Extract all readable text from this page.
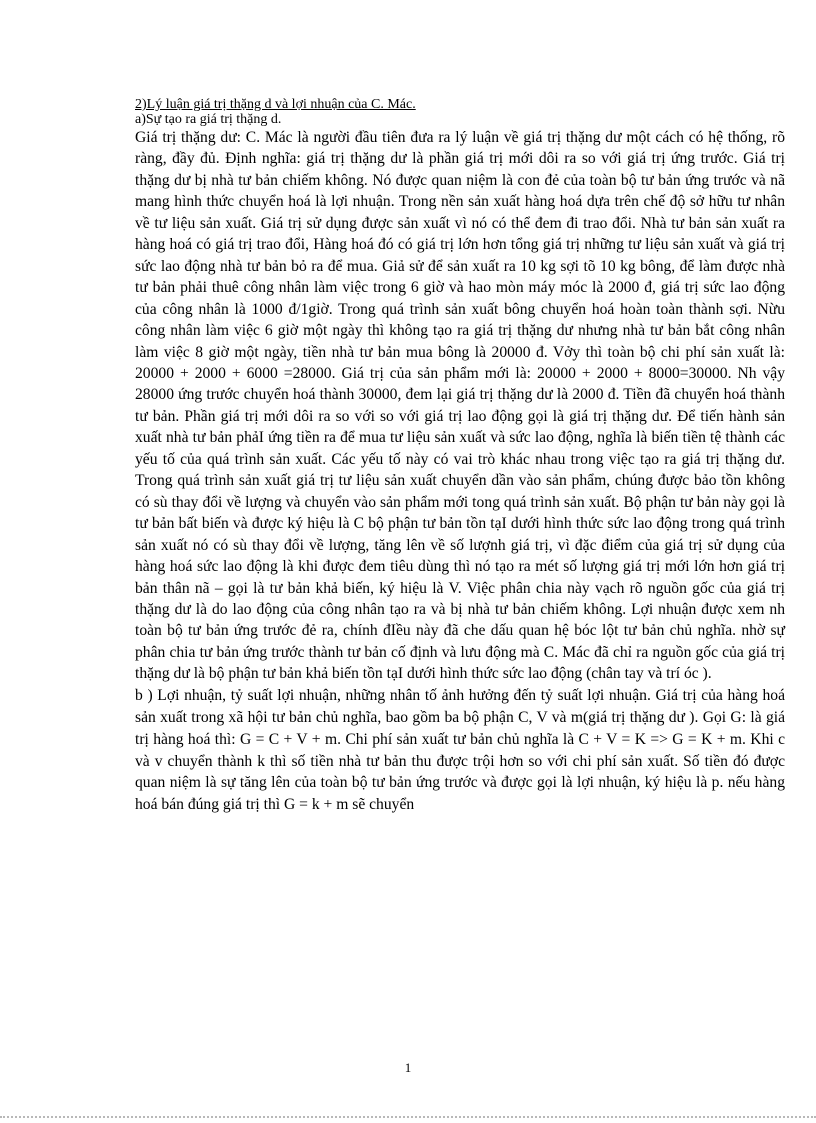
2)Lý luận giá trị thặng d và lợi nhuận của C. Mác.
a)Sự tạo ra giá trị thặng d.

Giá trị thặng dư: C. Mác là người đầu tiên đưa ra lý luận về giá trị thặng dư một cách có hệ thống, rõ ràng, đầy đủ. Định nghĩa: giá trị thặng dư là phần giá trị mới dôi ra so với giá trị ứng trước. Giá trị thặng dư bị nhà tư bản chiếm không. Nó được quan niệm là con đẻ của toàn bộ tư bản ứng trước và nã mang hình thức chuyển hoá là lợi nhuận. Trong nền sản xuất hàng hoá dựa trên chế độ sở hữu tư nhân về tư liệu sản xuất. Giá trị sử dụng được sản xuất vì nó có thể đem đi trao đổi. Nhà tư bản sản xuất ra hàng hoá có giá trị trao đổi, Hàng hoá đó có giá trị lớn hơn tổng giá trị những tư liệu sản xuất và giá trị sức lao động nhà tư bản bỏ ra để mua. Giả sử để sản xuất ra 10 kg sợi tõ 10 kg bông, để làm được nhà tư bản phải thuê công nhân làm việc trong 6 giờ và hao mòn máy móc là 2000 đ, giá trị sức lao động của công nhân là 1000 đ/1giờ. Trong quá trình sản xuất bông chuyển hoá hoàn toàn thành sợi. Nừu công nhân làm việc 6 giờ một ngày thì không tạo ra giá trị thặng dư nhưng nhà tư bản bắt công nhân làm việc 8 giờ một ngày, tiền nhà tư bản mua bông là 20000 đ. Vởy thì toàn bộ chi phí sản xuất là: 20000 + 2000 + 6000 =28000. Giá trị của sản phẩm mới là: 20000 + 2000 + 8000=30000. Nh vậy 28000 ứng trước chuyển hoá thành 30000, đem lại giá trị thặng dư là 2000 đ. Tiền đã chuyển hoá thành tư bản. Phần giá trị mới dôi ra so với so với giá trị lao động gọi là giá trị thặng dư. Để tiến hành sản xuất nhà tư bản phảI ứng tiền ra để mua tư liệu sản xuất và sức lao động, nghĩa là biến tiền tệ thành các yếu tố của quá trình sản xuất. Các yếu tố này có vai trò khác nhau trong việc tạo ra giá trị thặng dư. Trong quá trình sản xuất giá trị tư liệu sản xuất chuyển dần vào sản phẩm, chúng được bảo tồn không có sù thay đổi về lượng và chuyển vào sản phẩm mới tong quá trình sản xuất. Bộ phận tư bản này gọi là tư bản bất biến và được ký hiệu là C bộ phận tư bản tồn tạI dưới hình thức sức lao động trong quá trình sản xuất nó có sù thay đổi về lượng, tăng lên về số lượnh giá trị, vì đặc điểm của giá trị sử dụng của hàng hoá sức lao động là khi được đem tiêu dùng thì nó tạo ra mét số lượng giá trị mới lớn hơn giá trị bản thân nã – gọi là tư bản khả biến, ký hiệu là V. Việc phân chia này vạch rõ nguồn gốc của giá trị thặng dư là do lao động của công nhân tạo ra và bị nhà tư bản chiếm không. Lợi nhuận được xem nh toàn bộ tư bản ứng trước đẻ ra, chính đIều này đã che dấu quan hệ bóc lột tư bản chủ nghĩa. nhờ sự phân chia tư bản ứng trước thành tư bản cố định và lưu động mà C. Mác đã chỉ ra nguồn gốc của giá trị thặng dư là bộ phận tư bản khả biến tồn tạI dưới hình thức sức lao động (chân tay và trí óc ).

b ) Lợi nhuận, tỷ suất lợi nhuận, những nhân tố ảnh hưởng đến tỷ suất lợi nhuận. Giá trị của hàng hoá sản xuất trong xã hội tư bản chủ nghĩa, bao gồm ba bộ phận C, V và m(giá trị thặng dư ). Gọi G: là giá trị hàng hoá thì: G = C + V + m. Chi phí sản xuất tư bản chủ nghĩa là C + V = K => G = K + m. Khi c và v chuyển thành k thì số tiền nhà tư bản thu được trội hơn so với chi phí sản xuất. Số tiền đó được quan niệm là sự tăng lên của toàn bộ tư bản ứng trước và được gọi là lợi nhuận, ký hiệu là p. nếu hàng hoá bán đúng giá trị thì G = k + m sẽ chuyển

1
